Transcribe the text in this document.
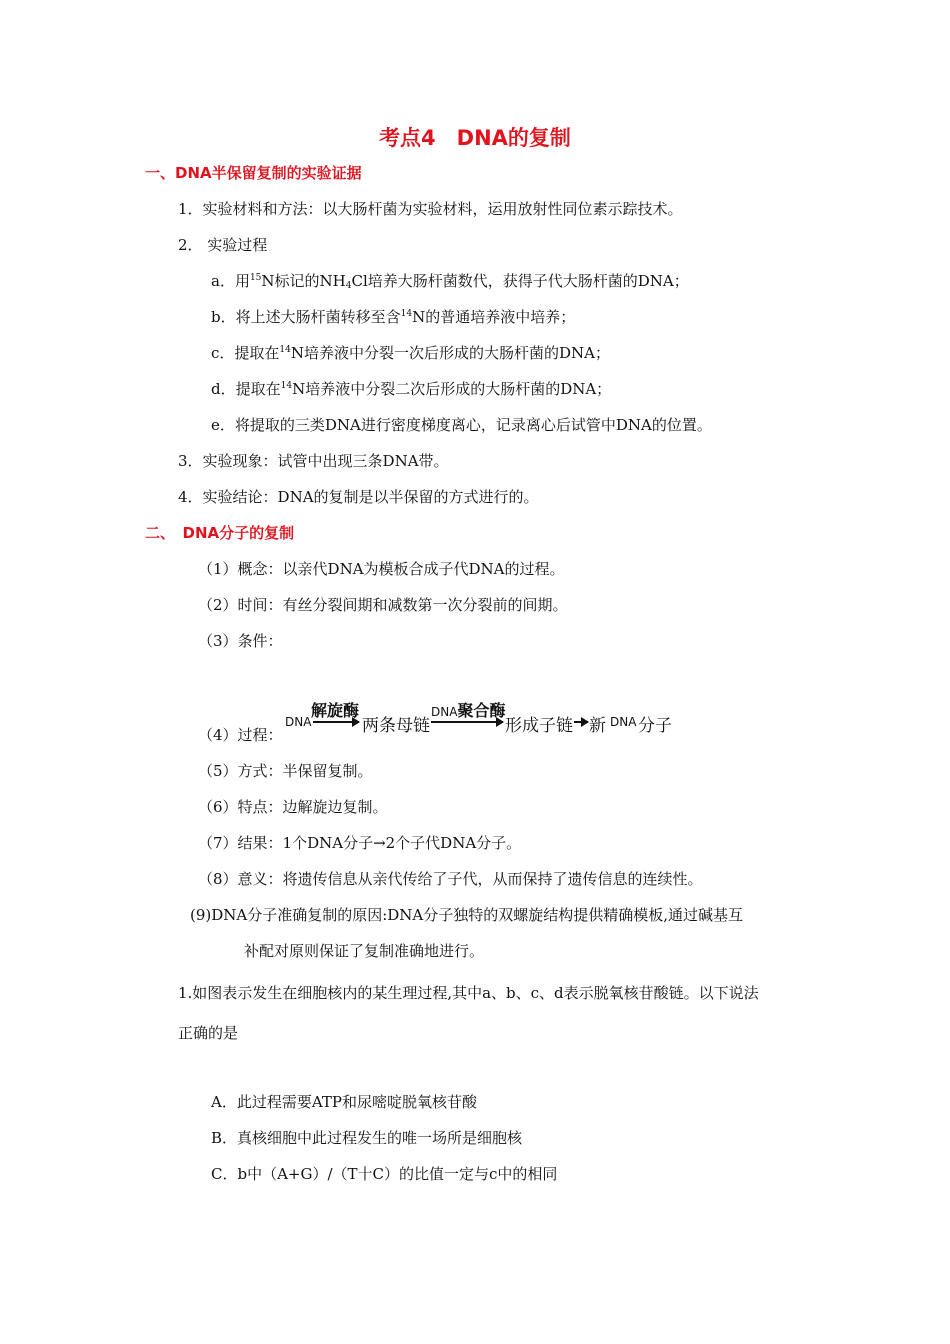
考点4　DNA的复制
一、DNA半保留复制的实验证据
1．实验材料和方法：以大肠杆菌为实验材料，运用放射性同位素示踪技术。
2． 实验过程
a．用$^{15}$N标记的$NH_4Cl$培养大肠杆菌数代，获得子代大肠杆菌的DNA；
b．将上述大肠杆菌转移至含$^{14}$N的普通培养液中培养；
c．提取在$^{14}$N培养液中分裂一次后形成的大肠杆菌的DNA；
d．提取在$^{14}$N培养液中分裂二次后形成的大肠杆菌的DNA；
e．将提取的三类DNA进行密度梯度离心，记录离心后试管中DNA的位置。
3．实验现象：试管中出现三条DNA带。
4．实验结论：DNA的复制是以半保留的方式进行的。
二、　DNA分子的复制
（1）概念：以亲代DNA为模板合成子代DNA的过程。
（2）时间：有丝分裂间期和减数第一次分裂前的间期。
（3）条件：
（4）过程：
DNA
解旋酶
两条母链
DNA聚合酶
形成子链 新 DNA 分子
（5）方式：半保留复制。
（6）特点：边解旋边复制。
（7）结果：1个DNA分子→2个子代DNA分子。
（8）意义：将遗传信息从亲代传给了子代，从而保持了遗传信息的连续性。
(9)DNA分子准确复制的原因:DNA分子独特的双螺旋结构提供精确模板,通过碱基互
补配对原则保证了复制准确地进行。
1.如图表示发生在细胞核内的某生理过程,其中a、b、c、d表示脱氧核苷酸链。以下说法
正确的是
A．此过程需要ATP和尿嘧啶脱氧核苷酸
B．真核细胞中此过程发生的唯一场所是细胞核
C．b中（A+G）/（T十C）的比值一定与c中的相同
